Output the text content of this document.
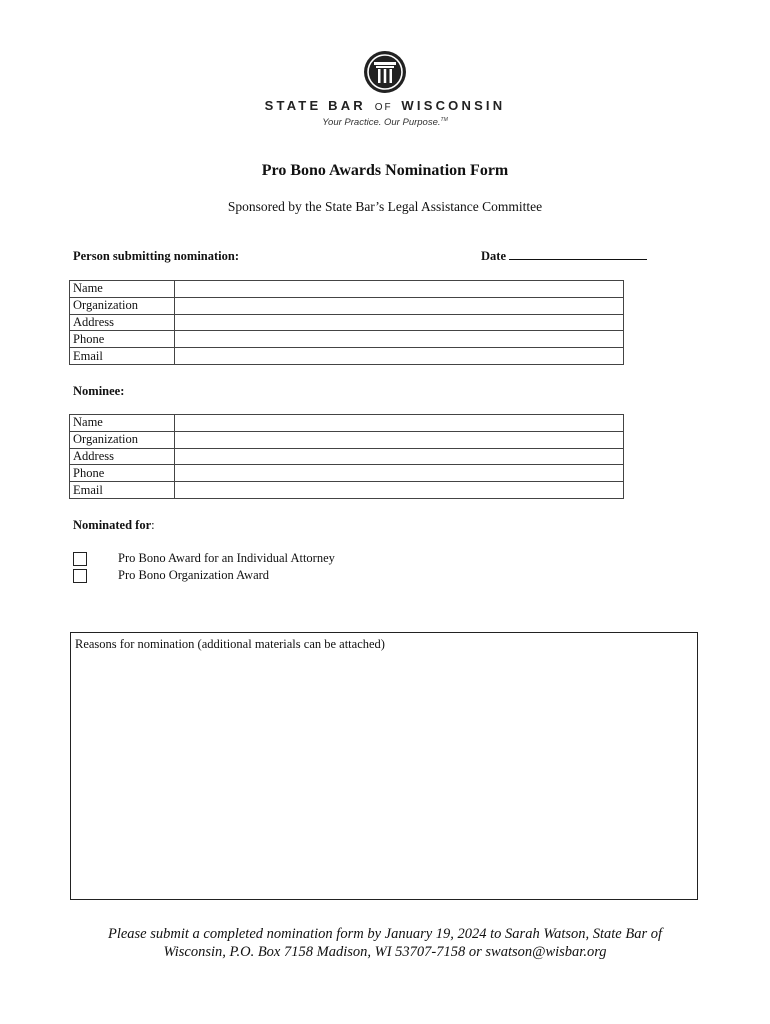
STATE BAR OF WISCONSIN
Your Practice. Our Purpose.™
Pro Bono Awards Nomination Form
Sponsored by the State Bar’s Legal Assistance Committee
Person submitting nomination:	Date
Name	
Organization	
Address	
Phone	
Email	
Nominee:
Name	
Organization	
Address	
Phone	
Email	
Nominated for:
Pro Bono Award for an Individual Attorney
Pro Bono Organization Award
Reasons for nomination (additional materials can be attached)
Please submit a completed nomination form by January 19, 2024 to Sarah Watson, State Bar of
Wisconsin, P.O. Box 7158 Madison, WI 53707-7158 or swatson@wisbar.org
